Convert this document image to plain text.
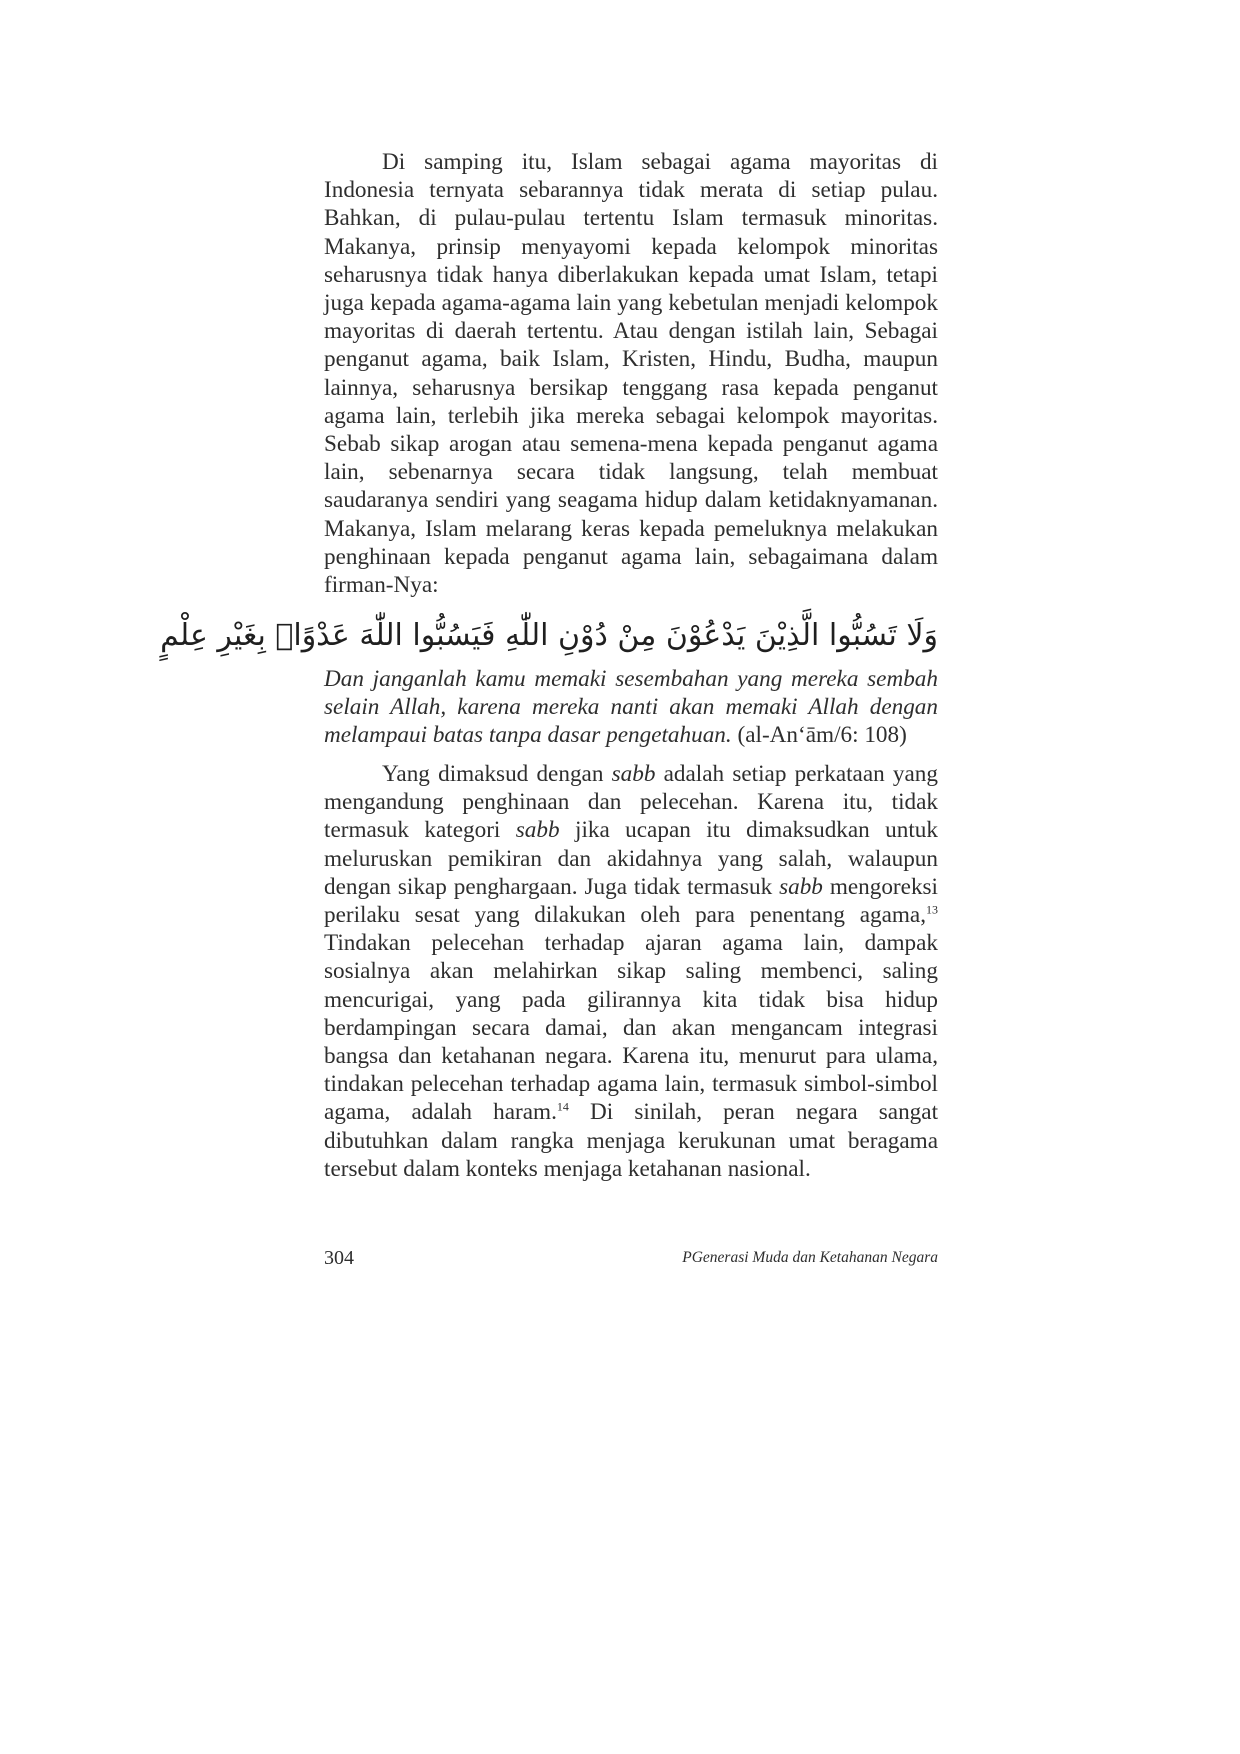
Di samping itu, Islam sebagai agama mayoritas di Indonesia ternyata sebarannya tidak merata di setiap pulau. Bahkan, di pulau-pulau tertentu Islam termasuk minoritas. Makanya, prinsip menyayomi kepada kelompok minoritas seharusnya tidak hanya diberlakukan kepada umat Islam, tetapi juga kepada agama-agama lain yang kebetulan menjadi kelompok mayoritas di daerah tertentu. Atau dengan istilah lain, Sebagai penganut agama, baik Islam, Kristen, Hindu, Budha, maupun lainnya, seharusnya bersikap tenggang rasa kepada penganut agama lain, terlebih jika mereka sebagai kelompok mayoritas. Sebab sikap arogan atau semena-mena kepada penganut agama lain, sebenarnya secara tidak langsung, telah membuat saudaranya sendiri yang seagama hidup dalam ketidaknyamanan. Makanya, Islam melarang keras kepada pemeluknya melakukan penghinaan kepada penganut agama lain, sebagaimana dalam firman-Nya:

وَلَا تَسُبُّوا الَّذِيْنَ يَدْعُوْنَ مِنْ دُوْنِ اللّٰهِ فَيَسُبُّوا اللّٰهَ عَدْوًاۢ بِغَيْرِ عِلْمٍ
Dan janganlah kamu memaki sesembahan yang mereka sembah selain Allah, karena mereka nanti akan memaki Allah dengan melampaui batas tanpa dasar pengetahuan. (al-An‘ām/6: 108)

Yang dimaksud dengan sabb adalah setiap perkataan yang mengandung penghinaan dan pelecehan. Karena itu, tidak termasuk kategori sabb jika ucapan itu dimaksudkan untuk meluruskan pemikiran dan akidahnya yang salah, walaupun dengan sikap penghargaan. Juga tidak termasuk sabb mengoreksi perilaku sesat yang dilakukan oleh para penentang agama,$^{13}$ Tindakan pelecehan terhadap ajaran agama lain, dampak sosialnya akan melahirkan sikap saling membenci, saling mencurigai, yang pada gilirannya kita tidak bisa hidup berdampingan secara damai, dan akan mengancam integrasi bangsa dan ketahanan negara. Karena itu, menurut para ulama, tindakan pelecehan terhadap agama lain, termasuk simbol-simbol agama, adalah haram.$^{14}$ Di sinilah, peran negara sangat dibutuhkan dalam rangka menjaga kerukunan umat beragama tersebut dalam konteks menjaga ketahanan nasional.

304	PGenerasi Muda dan Ketahanan Negara
